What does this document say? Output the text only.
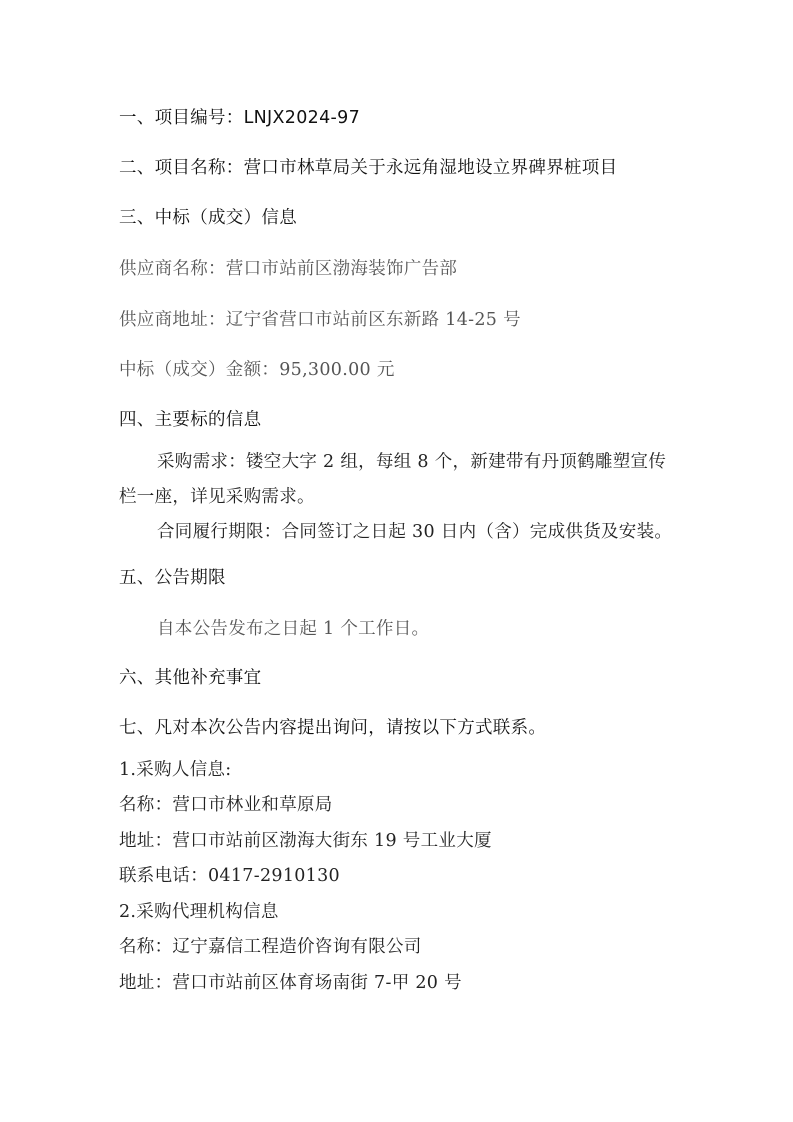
一、项目编号：LNJX2024-97
二、项目名称：营口市林草局关于永远角湿地设立界碑界桩项目
三、中标（成交）信息
供应商名称：营口市站前区渤海装饰广告部
供应商地址：辽宁省营口市站前区东新路 14-25 号
中标（成交）金额：95,300.00 元
四、主要标的信息
采购需求：镂空大字 2 组，每组 8 个，新建带有丹顶鹤雕塑宣传
栏一座，详见采购需求。
合同履行期限：合同签订之日起 30 日内（含）完成供货及安装。
五、公告期限
自本公告发布之日起 1 个工作日。
六、其他补充事宜
七、凡对本次公告内容提出询问，请按以下方式联系。
1.采购人信息:
名称：营口市林业和草原局
地址：营口市站前区渤海大街东 19 号工业大厦
联系电话：0417-2910130
2.采购代理机构信息
名称：辽宁嘉信工程造价咨询有限公司
地址：营口市站前区体育场南街 7-甲 20 号
